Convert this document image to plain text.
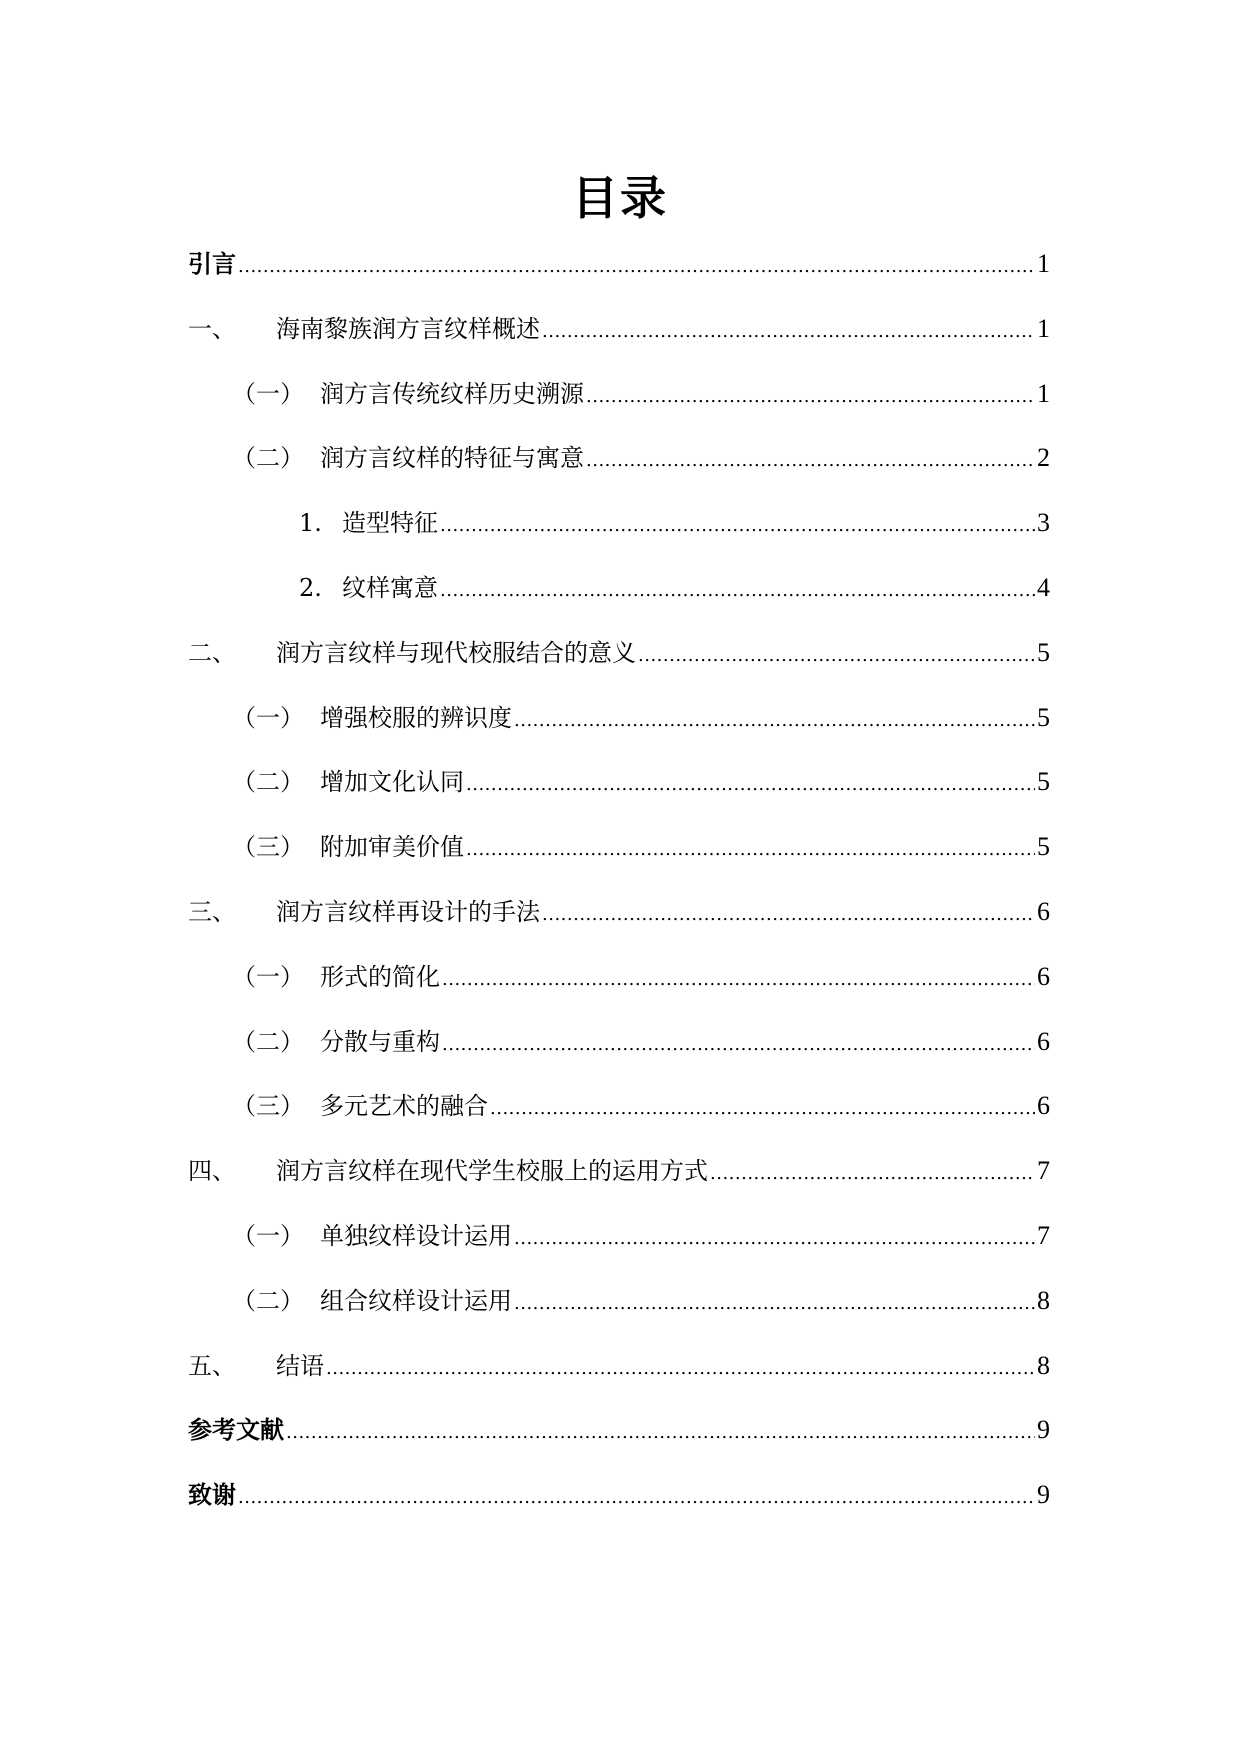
目录
引言 .....	1
一、	海南黎族润方言纹样概述 .....	1
（一） 润方言传统纹样历史溯源 .....	1
（二） 润方言纹样的特征与寓意 .....	2
1. 造型特征 .....	3
2. 纹样寓意 .....	4
二、	润方言纹样与现代校服结合的意义 .....	5
（一） 增强校服的辨识度 .....	5
（二） 增加文化认同 .....	5
（三） 附加审美价值 .....	5
三、	润方言纹样再设计的手法 .....	6
（一） 形式的简化 .....	6
（二） 分散与重构 .....	6
（三） 多元艺术的融合 .....	6
四、	润方言纹样在现代学生校服上的运用方式 .....	7
（一） 单独纹样设计运用 .....	7
（二） 组合纹样设计运用 .....	8
五、	结语 .....	8
参考文献 .....	9
致谢 .....	9
